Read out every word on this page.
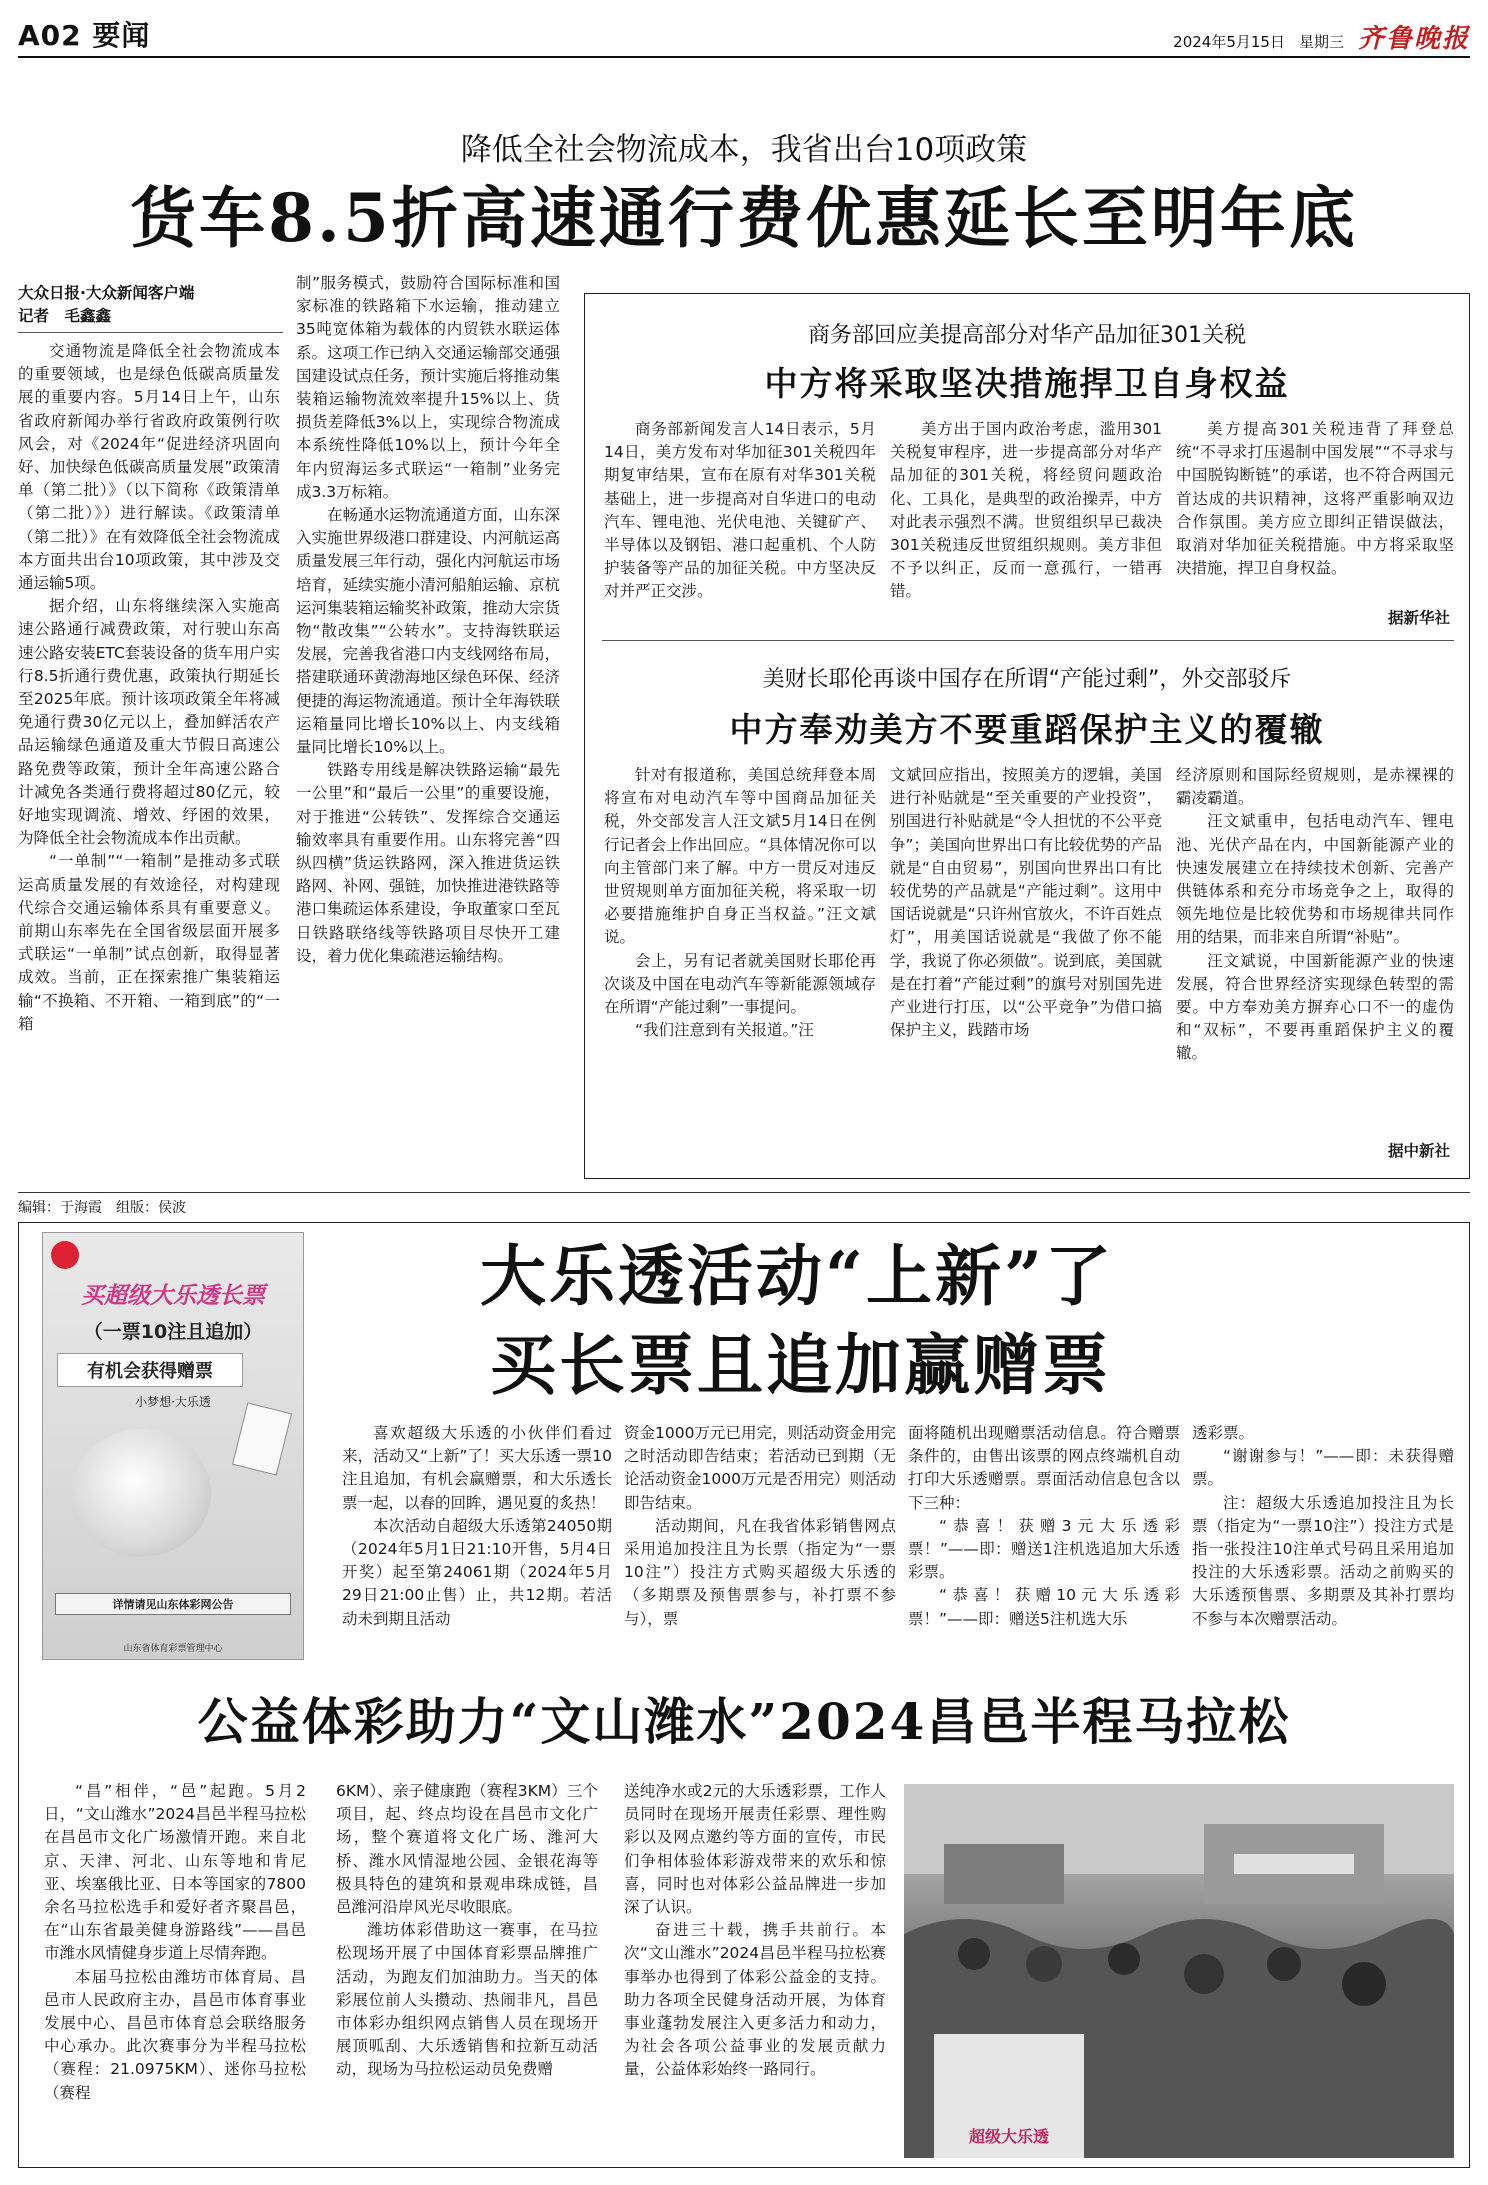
A02 要闻	2024年5月15日 星期三 齐鲁晚报
降低全社会物流成本，我省出台10项政策
货车8.5折高速通行费优惠延长至明年底
大众日报·大众新闻客户端
记者　毛鑫鑫

交通物流是降低全社会物流成本的重要领域，也是绿色低碳高质量发展的重要内容。5月14日上午，山东省政府新闻办举行省政府政策例行吹风会，对《2024年“促进经济巩固向好、加快绿色低碳高质量发展”政策清单（第二批）》（以下简称《政策清单（第二批）》）进行解读。《政策清单（第二批）》在有效降低全社会物流成本方面共出台10项政策，其中涉及交通运输5项。

据介绍，山东将继续深入实施高速公路通行减费政策，对行驶山东高速公路安装ETC套装设备的货车用户实行8.5折通行费优惠，政策执行期延长至2025年底。预计该项政策全年将减免通行费30亿元以上，叠加鲜活农产品运输绿色通道及重大节假日高速公路免费等政策，预计全年高速公路合计减免各类通行费将超过80亿元，较好地实现调流、增效、纾困的效果，为降低全社会物流成本作出贡献。

“一单制”“一箱制”是推动多式联运高质量发展的有效途径，对构建现代综合交通运输体系具有重要意义。前期山东率先在全国省级层面开展多式联运“一单制”试点创新，取得显著成效。当前，正在探索推广集装箱运输“不换箱、不开箱、一箱到底”的“一箱

制”服务模式，鼓励符合国际标准和国家标准的铁路箱下水运输，推动建立35吨宽体箱为载体的内贸铁水联运体系。这项工作已纳入交通运输部交通强国建设试点任务，预计实施后将推动集装箱运输物流效率提升15%以上、货损货差降低3%以上，实现综合物流成本系统性降低10%以上，预计今年全年内贸海运多式联运“一箱制”业务完成3.3万标箱。

在畅通水运物流通道方面，山东深入实施世界级港口群建设、内河航运高质量发展三年行动，强化内河航运市场培育，延续实施小清河船舶运输、京杭运河集装箱运输奖补政策，推动大宗货物“散改集”“公转水”。支持海铁联运发展，完善我省港口内支线网络布局，搭建联通环黄渤海地区绿色环保、经济便捷的海运物流通道。预计全年海铁联运箱量同比增长10%以上、内支线箱量同比增长10%以上。

铁路专用线是解决铁路运输“最先一公里”和“最后一公里”的重要设施，对于推进“公转铁”、发挥综合交通运输效率具有重要作用。山东将完善“四纵四横”货运铁路网，深入推进货运铁路网、补网、强链，加快推进港铁路等港口集疏运体系建设，争取董家口至瓦日铁路联络线等铁路项目尽快开工建设，着力优化集疏港运输结构。

商务部回应美提高部分对华产品加征301关税
中方将采取坚决措施捍卫自身权益

商务部新闻发言人14日表示，5月14日，美方发布对华加征301关税四年期复审结果，宣布在原有对华301关税基础上，进一步提高对自华进口的电动汽车、锂电池、光伏电池、关键矿产、半导体以及钢铝、港口起重机、个人防护装备等产品的加征关税。中方坚决反对并严正交涉。

美方出于国内政治考虑，滥用301关税复审程序，进一步提高部分对华产品加征的301关税，将经贸问题政治化、工具化，是典型的政治操弄，中方对此表示强烈不满。世贸组织早已裁决301关税违反世贸组织规则。美方非但不予以纠正，反而一意孤行，一错再错。

美方提高301关税违背了拜登总统“不寻求打压遏制中国发展”“不寻求与中国脱钩断链”的承诺，也不符合两国元首达成的共识精神，这将严重影响双边合作氛围。美方应立即纠正错误做法，取消对华加征关税措施。中方将采取坚决措施，捍卫自身权益。

据新华社
美财长耶伦再谈中国存在所谓“产能过剩”，外交部驳斥
中方奉劝美方不要重蹈保护主义的覆辙

针对有报道称，美国总统拜登本周将宣布对电动汽车等中国商品加征关税，外交部发言人汪文斌5月14日在例行记者会上作出回应。“具体情况你可以向主管部门来了解。中方一贯反对违反世贸规则单方面加征关税，将采取一切必要措施维护自身正当权益。”汪文斌说。

会上，另有记者就美国财长耶伦再次谈及中国在电动汽车等新能源领域存在所谓“产能过剩”一事提问。

“我们注意到有关报道。”汪

文斌回应指出，按照美方的逻辑，美国进行补贴就是“至关重要的产业投资”，别国进行补贴就是“令人担忧的不公平竞争”；美国向世界出口有比较优势的产品就是“自由贸易”，别国向世界出口有比较优势的产品就是“产能过剩”。这用中国话说就是“只许州官放火，不许百姓点灯”，用美国话说就是“我做了你不能学，我说了你必须做”。说到底，美国就是在打着“产能过剩”的旗号对别国先进产业进行打压，以“公平竞争”为借口搞保护主义，践踏市场

经济原则和国际经贸规则，是赤裸裸的霸凌霸道。

汪文斌重申，包括电动汽车、锂电池、光伏产品在内，中国新能源产业的快速发展建立在持续技术创新、完善产供链体系和充分市场竞争之上，取得的领先地位是比较优势和市场规律共同作用的结果，而非来自所谓“补贴”。

汪文斌说，中国新能源产业的快速发展，符合世界经济实现绿色转型的需要。中方奉劝美方摒弃心口不一的虚伪和“双标”，不要再重蹈保护主义的覆辙。

据中新社
编辑：于海霞　组版：侯波
买超级大乐透长票
（一票10注且追加）
有机会获得赠票
小梦想·大乐透
详情请见山东体彩网公告
山东省体育彩票管理中心
大乐透活动“上新”了
买长票且追加赢赠票

喜欢超级大乐透的小伙伴们看过来，活动又“上新”了！买大乐透一票10注且追加，有机会赢赠票，和大乐透长票一起，以春的回眸，遇见夏的炙热！

本次活动自超级大乐透第24050期（2024年5月1日21:10开售，5月4日开奖）起至第24061期（2024年5月29日21:00止售）止，共12期。若活动未到期且活动

资金1000万元已用完，则活动资金用完之时活动即告结束；若活动已到期（无论活动资金1000万元是否用完）则活动即告结束。

活动期间，凡在我省体彩销售网点采用追加投注且为长票（指定为“一票10注”）投注方式购买超级大乐透的（多期票及预售票参与，补打票不参与），票

面将随机出现赠票活动信息。符合赠票条件的，由售出该票的网点终端机自动打印大乐透赠票。票面活动信息包含以下三种：

“恭喜！获赠3元大乐透彩票！”——即：赠送1注机选追加大乐透彩票。

“恭喜！获赠10元大乐透彩票！”——即：赠送5注机选大乐

透彩票。

“谢谢参与！”——即：未获得赠票。

注：超级大乐透追加投注且为长票（指定为“一票10注”）投注方式是指一张投注10注单式号码且采用追加投注的大乐透彩票。活动之前购买的大乐透预售票、多期票及其补打票均不参与本次赠票活动。

公益体彩助力“文山潍水”2024昌邑半程马拉松

“昌”相伴，“邑”起跑。5月2日，“文山潍水”2024昌邑半程马拉松在昌邑市文化广场激情开跑。来自北京、天津、河北、山东等地和肯尼亚、埃塞俄比亚、日本等国家的7800余名马拉松选手和爱好者齐聚昌邑，在“山东省最美健身游路线”——昌邑市潍水风情健身步道上尽情奔跑。

本届马拉松由潍坊市体育局、昌邑市人民政府主办，昌邑市体育事业发展中心、昌邑市体育总会联络服务中心承办。此次赛事分为半程马拉松（赛程：21.0975KM）、迷你马拉松（赛程

6KM）、亲子健康跑（赛程3KM）三个项目，起、终点均设在昌邑市文化广场，整个赛道将文化广场、潍河大桥、潍水风情湿地公园、金银花海等极具特色的建筑和景观串珠成链，昌邑潍河沿岸风光尽收眼底。

潍坊体彩借助这一赛事，在马拉松现场开展了中国体育彩票品牌推广活动，为跑友们加油助力。当天的体彩展位前人头攒动、热闹非凡，昌邑市体彩办组织网点销售人员在现场开展顶呱刮、大乐透销售和拉新互动活动，现场为马拉松运动员免费赠

送纯净水或2元的大乐透彩票，工作人员同时在现场开展责任彩票、理性购彩以及网点邀约等方面的宣传，市民们争相体验体彩游戏带来的欢乐和惊喜，同时也对体彩公益品牌进一步加深了认识。

奋进三十载，携手共前行。本次“文山潍水”2024昌邑半程马拉松赛事举办也得到了体彩公益金的支持。助力各项全民健身活动开展，为体育事业蓬勃发展注入更多活力和动力，为社会各项公益事业的发展贡献力量，公益体彩始终一路同行。

超级大乐透
